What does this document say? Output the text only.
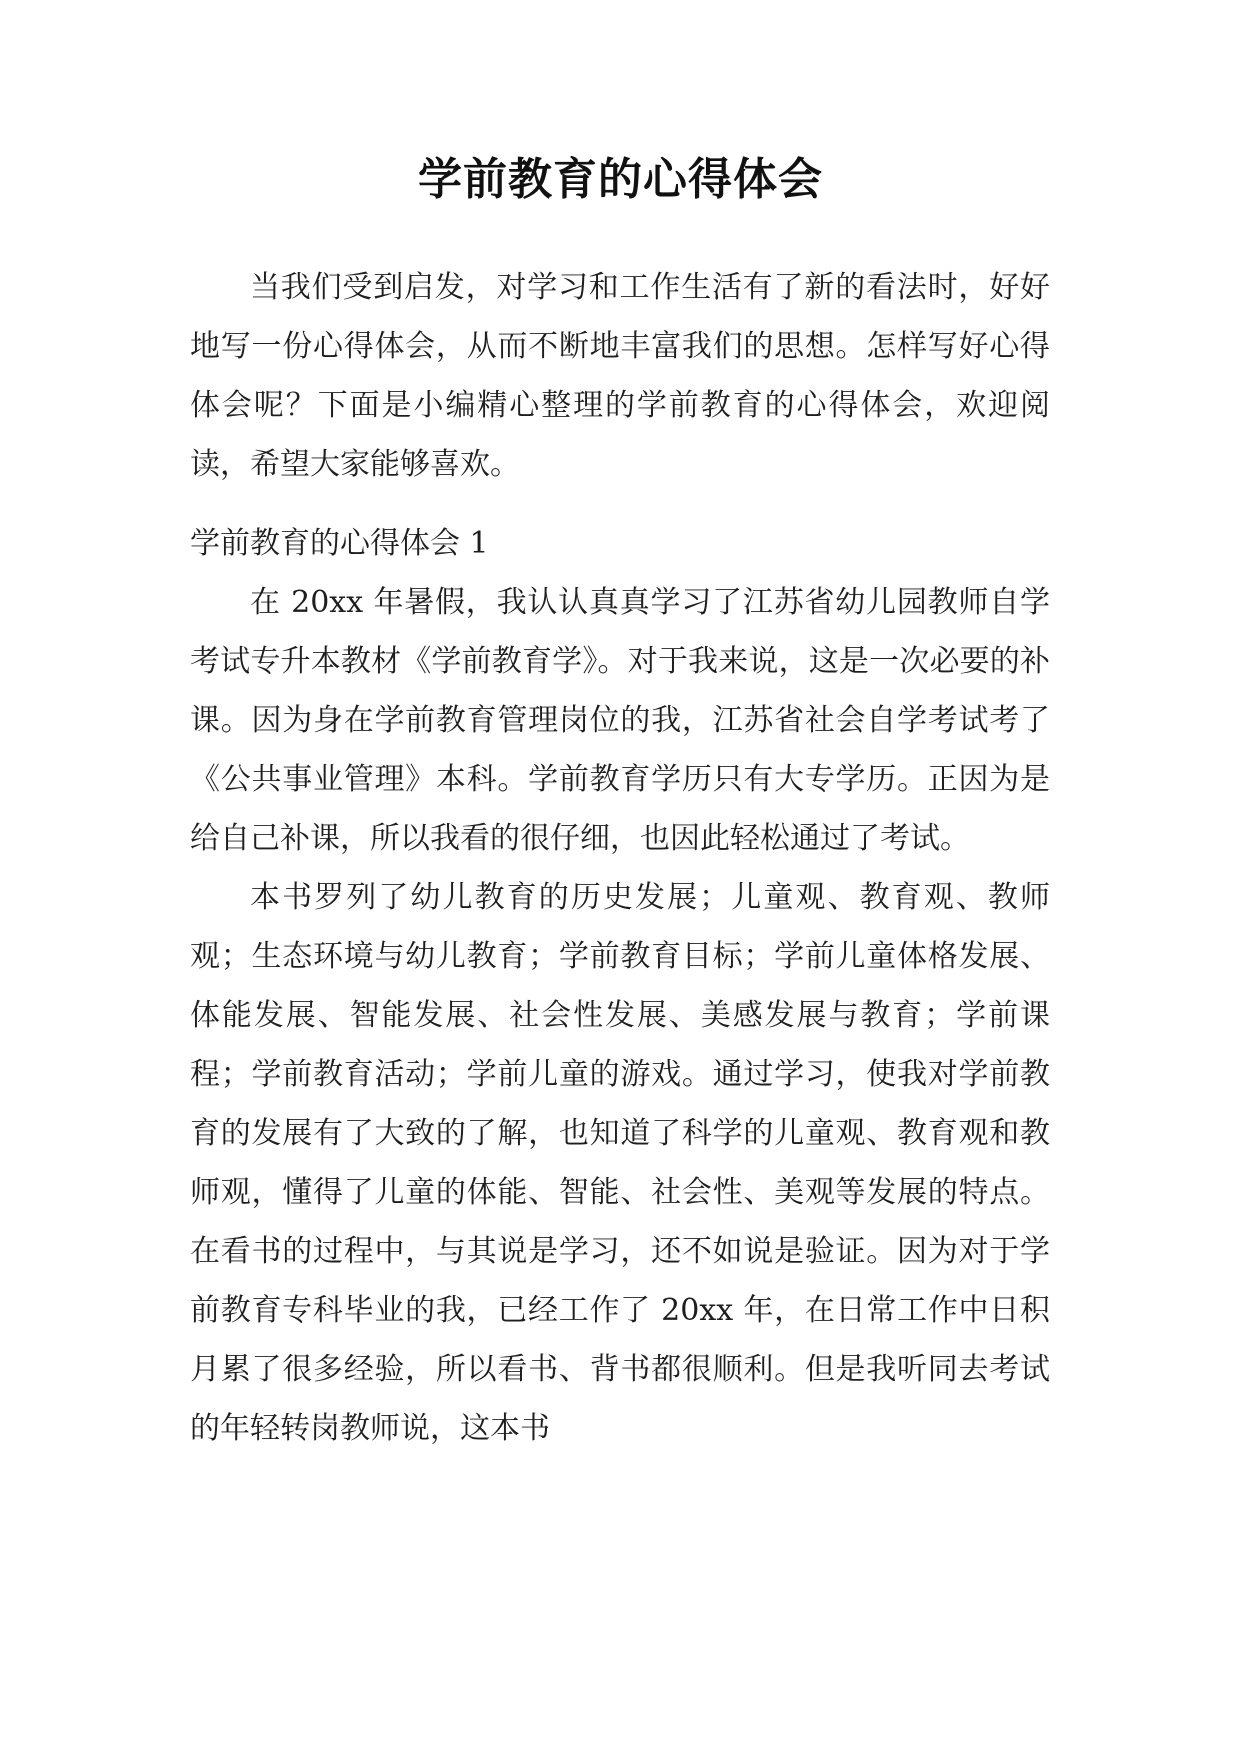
学前教育的心得体会

当我们受到启发，对学习和工作生活有了新的看法时，好好地写一份心得体会，从而不断地丰富我们的思想。怎样写好心得体会呢？下面是小编精心整理的学前教育的心得体会，欢迎阅读，希望大家能够喜欢。

学前教育的心得体会 1

在 20xx 年暑假，我认认真真学习了江苏省幼儿园教师自学考试专升本教材《学前教育学》。对于我来说，这是一次必要的补课。因为身在学前教育管理岗位的我，江苏省社会自学考试考了《公共事业管理》本科。学前教育学历只有大专学历。正因为是给自己补课，所以我看的很仔细，也因此轻松通过了考试。

本书罗列了幼儿教育的历史发展；儿童观、教育观、教师观；生态环境与幼儿教育；学前教育目标；学前儿童体格发展、体能发展、智能发展、社会性发展、美感发展与教育；学前课程；学前教育活动；学前儿童的游戏。通过学习，使我对学前教育的发展有了大致的了解，也知道了科学的儿童观、教育观和教师观，懂得了儿童的体能、智能、社会性、美观等发展的特点。在看书的过程中，与其说是学习，还不如说是验证。因为对于学前教育专科毕业的我，已经工作了 20xx 年，在日常工作中日积月累了很多经验，所以看书、背书都很顺利。但是我听同去考试的年轻转岗教师说，这本书
